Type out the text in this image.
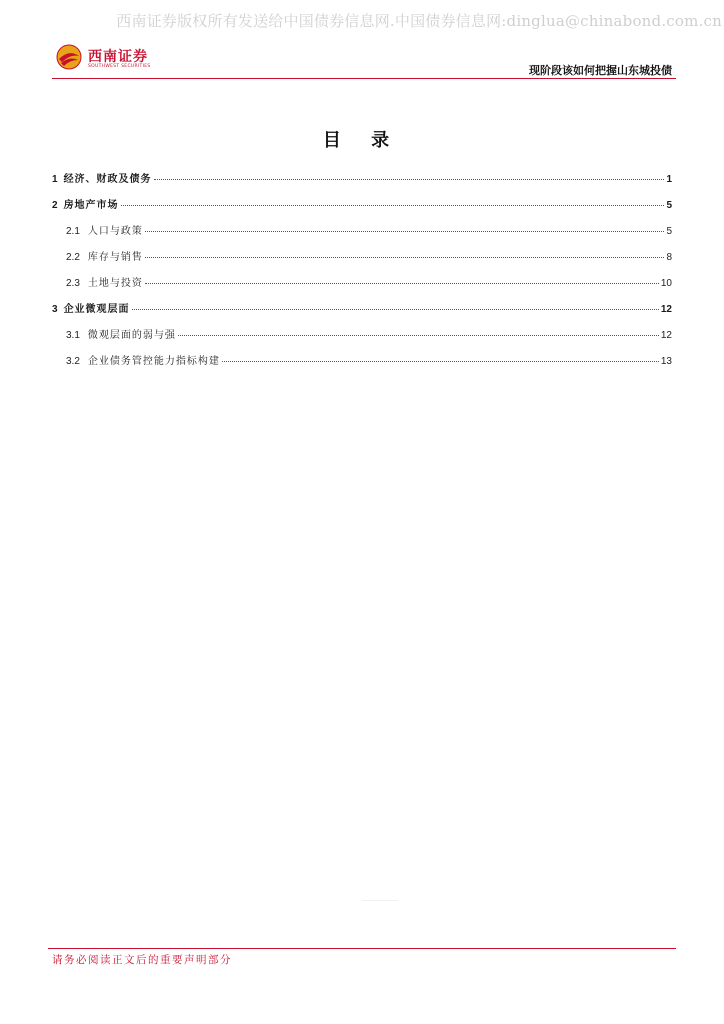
西南证券版权所有发送给中国债券信息网.中国债券信息网:dinglua@chinabond.com.cn
西南证券
SOUTHWEST SECURITIES	现阶段该如何把握山东城投债
目 录
1 经济、财政及债务	1
2 房地产市场	5
2.1 人口与政策	5
2.2 库存与销售	8
2.3 土地与投资	10
3 企业微观层面	12
3.1 微观层面的弱与强	12
3.2 企业债务管控能力指标构建	13
请务必阅读正文后的重要声明部分
